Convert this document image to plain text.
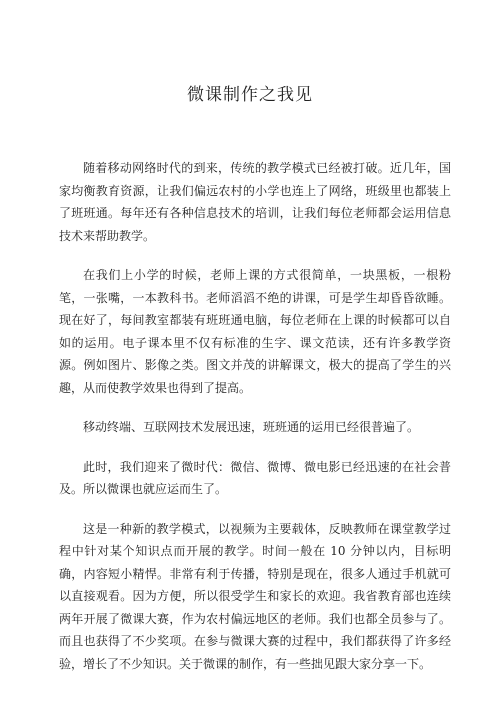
微课制作之我见

随着移动网络时代的到来，传统的教学模式已经被打破。近几年，国家均衡教育资源，让我们偏远农村的小学也连上了网络，班级里也都装上了班班通。每年还有各种信息技术的培训，让我们每位老师都会运用信息技术来帮助教学。

在我们上小学的时候，老师上课的方式很简单，一块黑板，一根粉笔，一张嘴，一本教科书。老师滔滔不绝的讲课，可是学生却昏昏欲睡。现在好了，每间教室都装有班班通电脑，每位老师在上课的时候都可以自如的运用。电子课本里不仅有标准的生字、课文范读，还有许多教学资源。例如图片、影像之类。图文并茂的讲解课文，极大的提高了学生的兴趣，从而使教学效果也得到了提高。

移动终端、互联网技术发展迅速，班班通的运用已经很普遍了。

此时，我们迎来了微时代：微信、微博、微电影已经迅速的在社会普及。所以微课也就应运而生了。

这是一种新的教学模式，以视频为主要载体，反映教师在课堂教学过程中针对某个知识点而开展的教学。时间一般在 10 分钟以内，目标明确，内容短小精悍。非常有利于传播，特别是现在，很多人通过手机就可以直接观看。因为方便，所以很受学生和家长的欢迎。我省教育部也连续两年开展了微课大赛，作为农村偏远地区的老师。我们也都全员参与了。而且也获得了不少奖项。在参与微课大赛的过程中，我们都获得了许多经验，增长了不少知识。关于微课的制作，有一些拙见跟大家分享一下。
